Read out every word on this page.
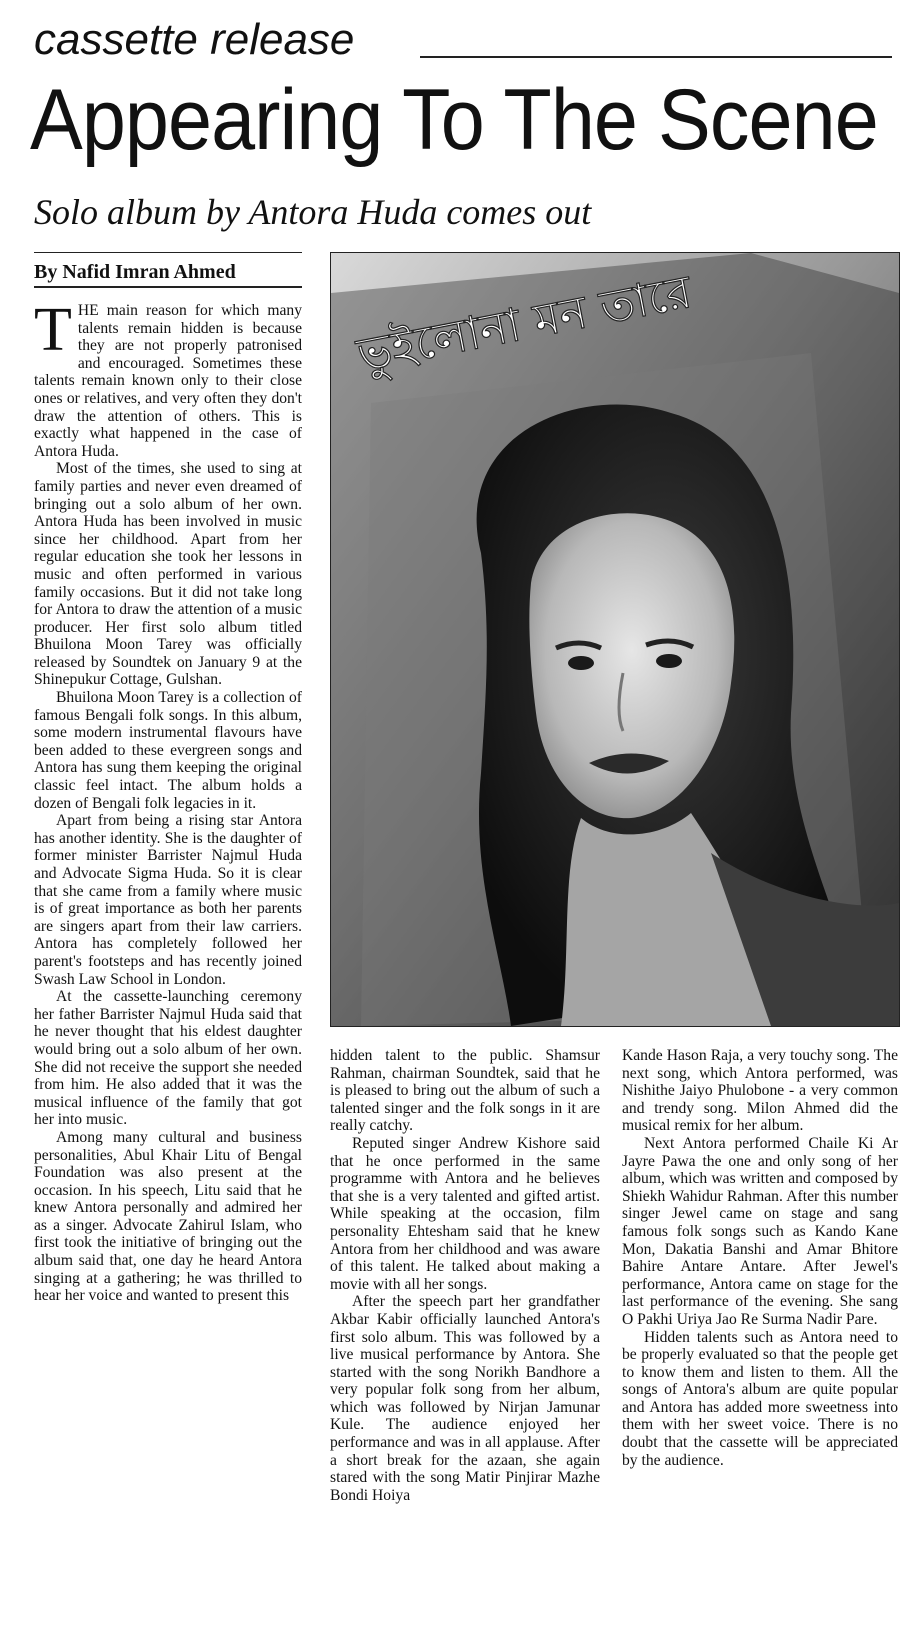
cassette release
Appearing To The Scene
Solo album by Antora Huda comes out
By Nafid Imran Ahmed

THE main reason for which many talents remain hidden is because they are not properly patronised and encouraged. Sometimes these talents remain known only to their close ones or relatives, and very often they don't draw the attention of others. This is exactly what happened in the case of Antora Huda.

Most of the times, she used to sing at family parties and never even dreamed of bringing out a solo album of her own. Antora Huda has been involved in music since her childhood. Apart from her regular education she took her lessons in music and often performed in various family occasions. But it did not take long for Antora to draw the attention of a music producer. Her first solo album titled Bhuilona Moon Tarey was officially released by Soundtek on January 9 at the Shinepukur Cottage, Gulshan.

Bhuilona Moon Tarey is a collection of famous Bengali folk songs. In this album, some modern instrumental flavours have been added to these evergreen songs and Antora has sung them keeping the original classic feel intact. The album holds a dozen of Bengali folk legacies in it.

Apart from being a rising star Antora has another identity. She is the daughter of former minister Barrister Najmul Huda and Advocate Sigma Huda. So it is clear that she came from a family where music is of great importance as both her parents are singers apart from their law carriers. Antora has completely followed her parent's footsteps and has recently joined Swash Law School in London.

At the cassette-launching ceremony her father Barrister Najmul Huda said that he never thought that his eldest daughter would bring out a solo album of her own. She did not receive the support she needed from him. He also added that it was the musical influence of the family that got her into music.

Among many cultural and business personalities, Abul Khair Litu of Bengal Foundation was also present at the occasion. In his speech, Litu said that he knew Antora personally and admired her as a singer. Advocate Zahirul Islam, who first took the initiative of bringing out the album said that, one day he heard Antora singing at a gathering; he was thrilled to hear her voice and wanted to present this

ভুইলোনা মন তারে

hidden talent to the public. Shamsur Rahman, chairman Soundtek, said that he is pleased to bring out the album of such a talented singer and the folk songs in it are really catchy.

Reputed singer Andrew Kishore said that he once performed in the same programme with Antora and he believes that she is a very talented and gifted artist. While speaking at the occasion, film personality Ehtesham said that he knew Antora from her childhood and was aware of this talent. He talked about making a movie with all her songs.

After the speech part her grandfather Akbar Kabir officially launched Antora's first solo album. This was followed by a live musical performance by Antora. She started with the song Norikh Bandhore a very popular folk song from her album, which was followed by Nirjan Jamunar Kule. The audience enjoyed her performance and was in all applause. After a short break for the azaan, she again stared with the song Matir Pinjirar Mazhe Bondi Hoiya

Kande Hason Raja, a very touchy song. The next song, which Antora performed, was Nishithe Jaiyo Phulobone - a very common and trendy song. Milon Ahmed did the musical remix for her album.

Next Antora performed Chaile Ki Ar Jayre Pawa the one and only song of her album, which was written and composed by Shiekh Wahidur Rahman. After this number singer Jewel came on stage and sang famous folk songs such as Kando Kane Mon, Dakatia Banshi and Amar Bhitore Bahire Antare Antare. After Jewel's performance, Antora came on stage for the last performance of the evening. She sang O Pakhi Uriya Jao Re Surma Nadir Pare.

Hidden talents such as Antora need to be properly evaluated so that the people get to know them and listen to them. All the songs of Antora's album are quite popular and Antora has added more sweetness into them with her sweet voice. There is no doubt that the cassette will be appreciated by the audience.
